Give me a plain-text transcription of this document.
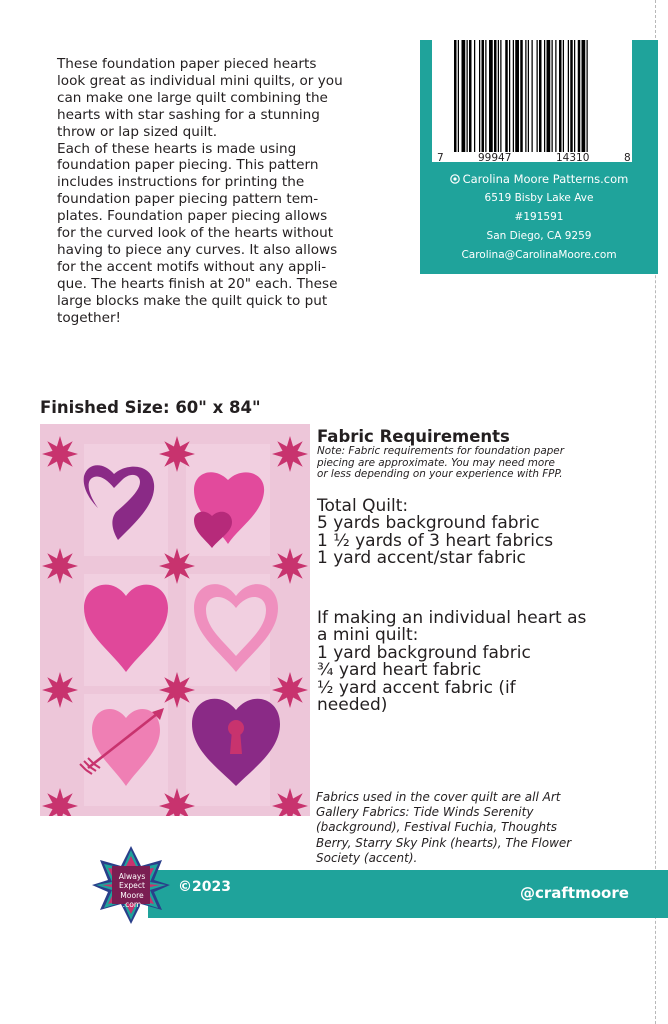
These foundation paper pieced hearts
look great as individual mini quilts, or you
can make one large quilt combining the
hearts with star sashing for a stunning
throw or lap sized quilt.
Each of these hearts is made using
foundation paper piecing. This pattern
includes instructions for printing the
foundation paper piecing pattern tem-
plates. Foundation paper piecing allows
for the curved look of the hearts without
having to piece any curves. It also allows
for the accent motifs without any appli-
que. The hearts finish at 20" each. These
large blocks make the quilt quick to put
together!
7	99947	14310	8
Carolina Moore Patterns.com
6519 Bisby Lake Ave
#191591
San Diego, CA 9259
Carolina@CarolinaMoore.com
Finished Size: 60" x 84"
Fabric Requirements
Note: Fabric requirements for foundation paper
piecing are approximate. You may need more
or less depending on your experience with FPP.
Total Quilt:
5 yards background fabric
1 ½ yards of 3 heart fabrics
1 yard accent/star fabric
If making an individual heart as
a mini quilt:
1 yard background fabric
¾ yard heart fabric
½ yard accent fabric (if
needed)
Fabrics used in the cover quilt are all Art
Gallery Fabrics: Tide Winds Serenity
(background), Festival Fuchia, Thoughts
Berry, Starry Sky Pink (hearts), The Flower
Society (accent).
Always
Expect
Moore
.com
©2023	@craftmoore
